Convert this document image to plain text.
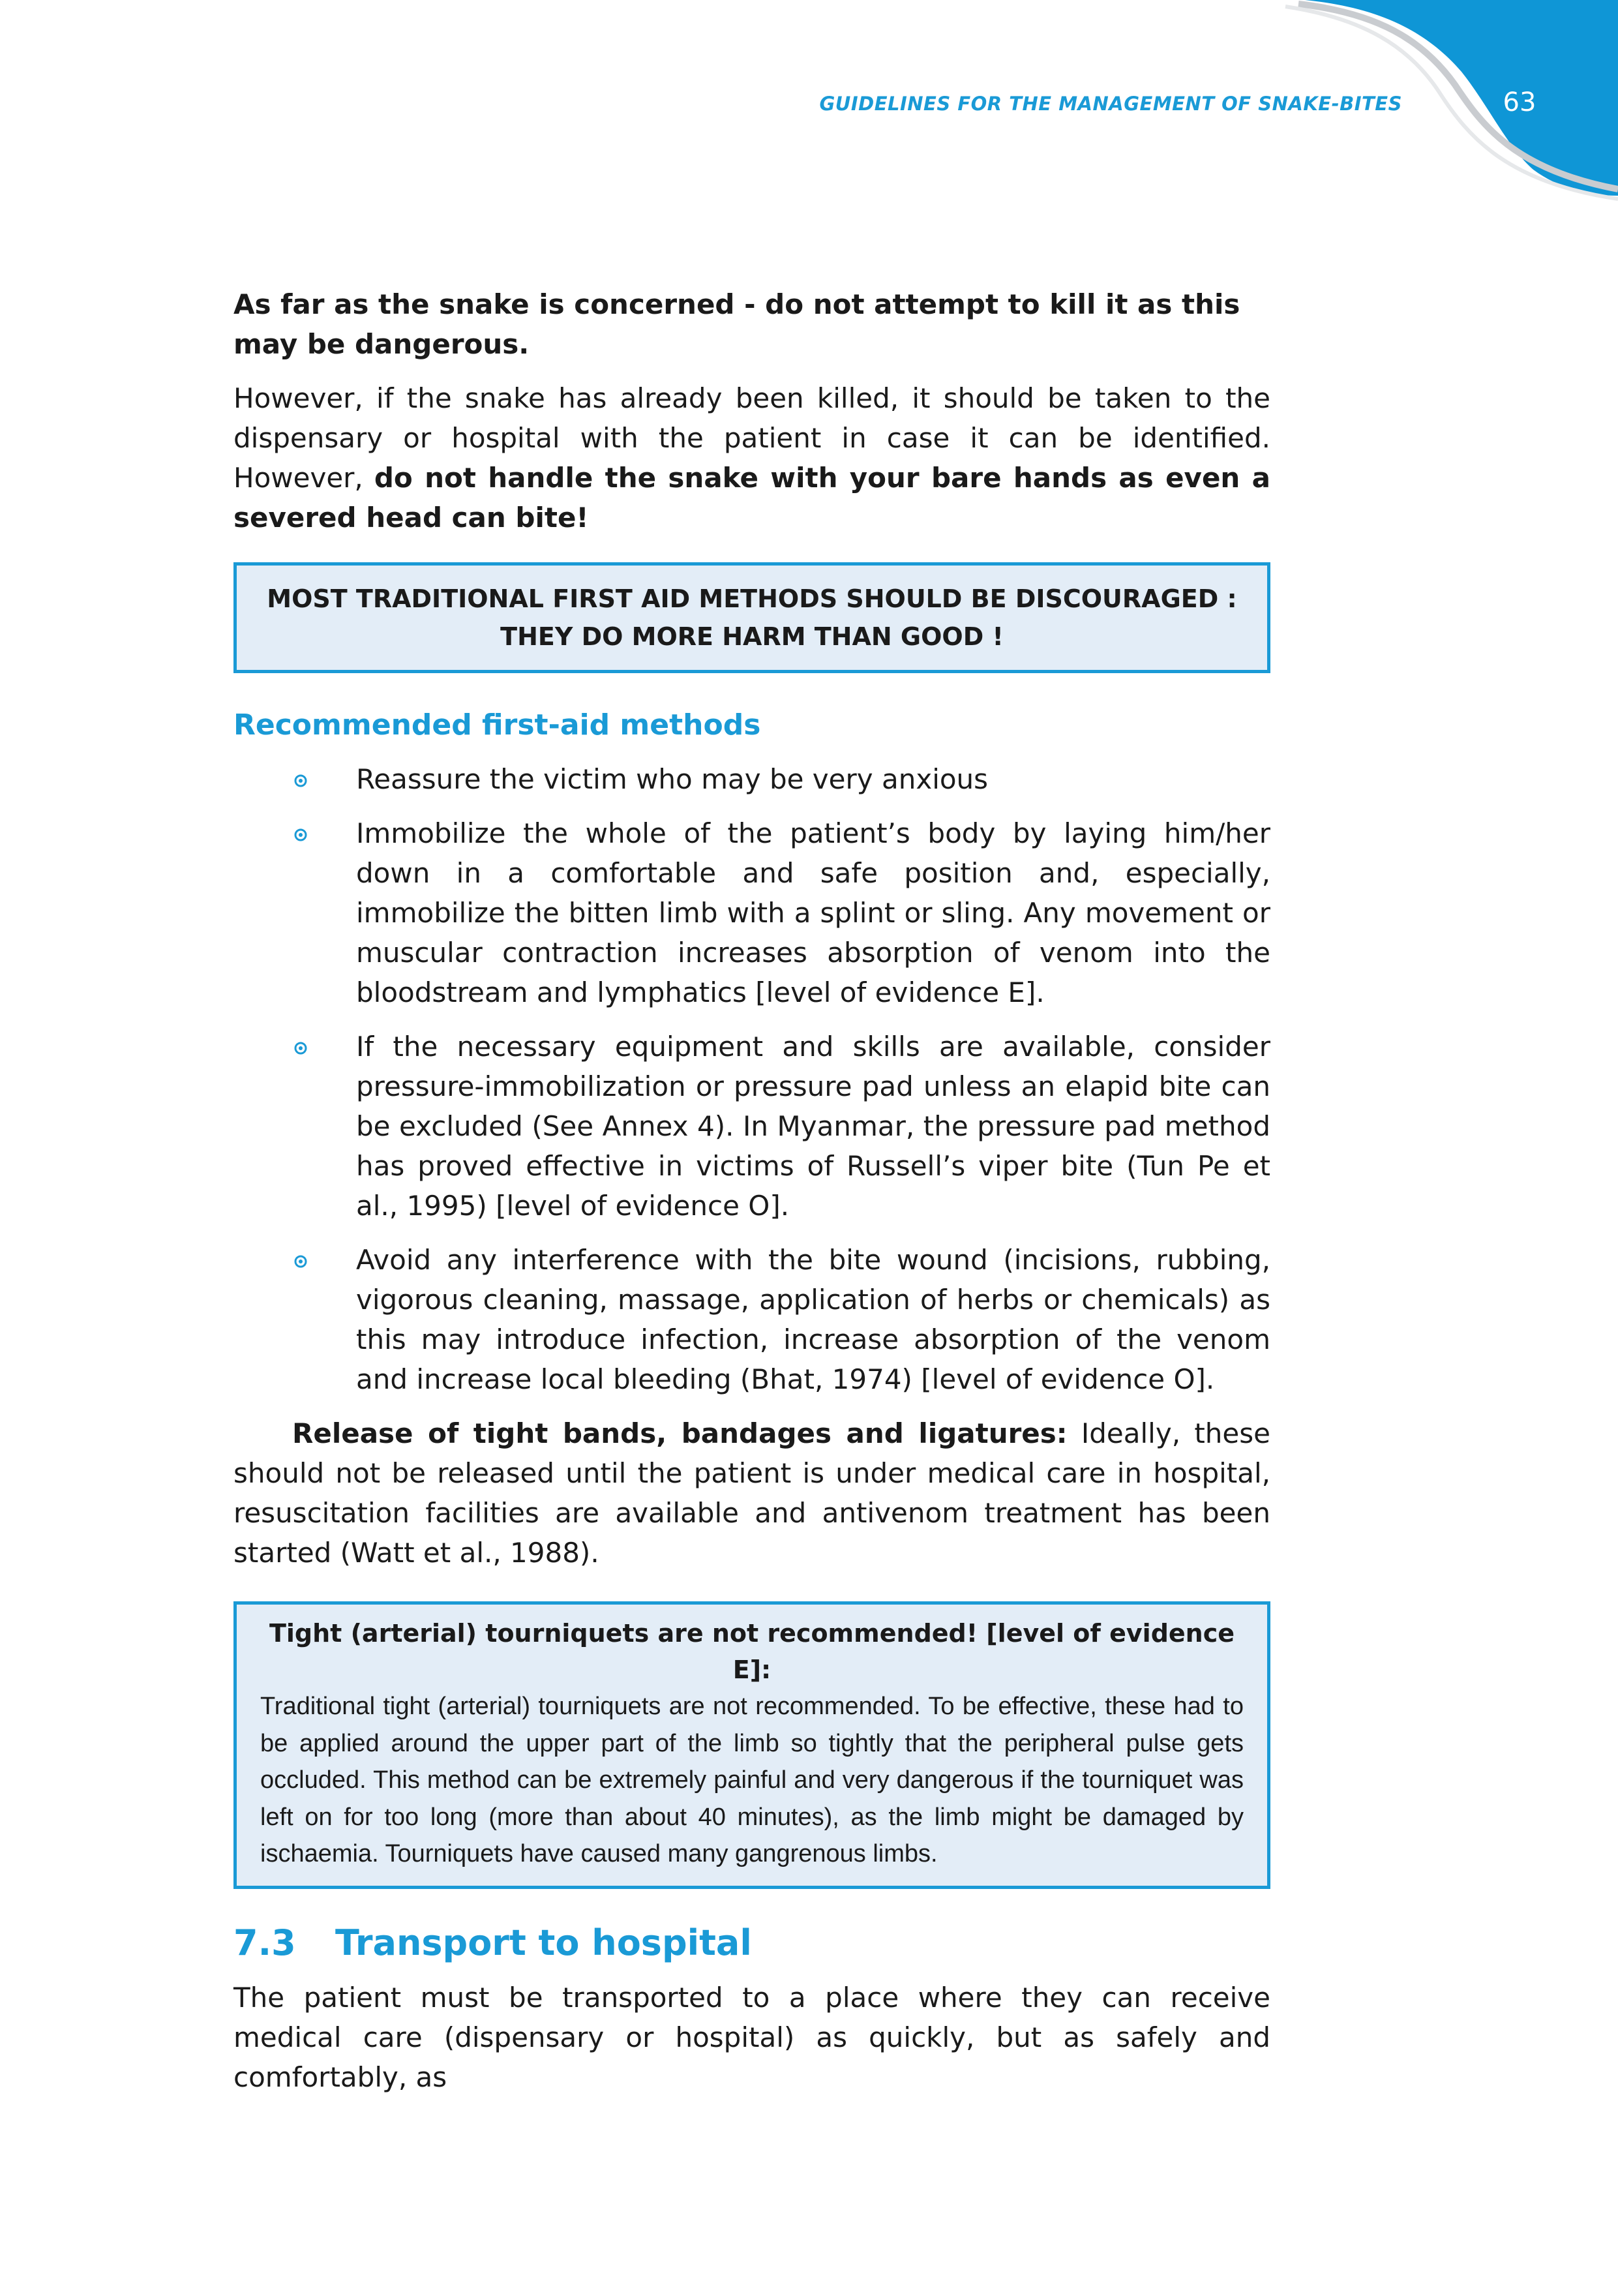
GUIDELINES FOR THE MANAGEMENT OF SNAKE-BITES	63

As far as the snake is concerned - do not attempt to kill it as this may be dangerous.

However, if the snake has already been killed, it should be taken to the dispensary or hospital with the patient in case it can be identified. However, do not handle the snake with your bare hands as even a severed head can bite!

MOST TRADITIONAL FIRST AID METHODS SHOULD BE DISCOURAGED :
THEY DO MORE HARM THAN GOOD !
Recommended first-aid methods
Reassure the victim who may be very anxious
Immobilize the whole of the patient’s body by laying him/her down in a comfortable and safe position and, especially, immobilize the bitten limb with a splint or sling. Any movement or muscular contraction increases absorption of venom into the bloodstream and lymphatics [level of evidence E].
If the necessary equipment and skills are available, consider pressure-immobilization or pressure pad unless an elapid bite can be excluded (See Annex 4). In Myanmar, the pressure pad method has proved effective in victims of Russell’s viper bite (Tun Pe et al., 1995) [level of evidence O].
Avoid any interference with the bite wound (incisions, rubbing, vigorous cleaning, massage, application of herbs or chemicals) as this may introduce infection, increase absorption of the venom and increase local bleeding (Bhat, 1974) [level of evidence O].

Release of tight bands, bandages and ligatures: Ideally, these should not be released until the patient is under medical care in hospital, resuscitation facilities are available and antivenom treatment has been started (Watt et al., 1988).

Tight (arterial) tourniquets are not recommended! [level of evidence E]:
Traditional tight (arterial) tourniquets are not recommended. To be effective, these had to be applied around the upper part of the limb so tightly that the peripheral pulse gets occluded. This method can be extremely painful and very dangerous if the tourniquet was left on for too long (more than about 40 minutes), as the limb might be damaged by ischaemia. Tourniquets have caused many gangrenous limbs.
7.3 Transport to hospital

The patient must be transported to a place where they can receive medical care (dispensary or hospital) as quickly, but as safely and comfortably, as
